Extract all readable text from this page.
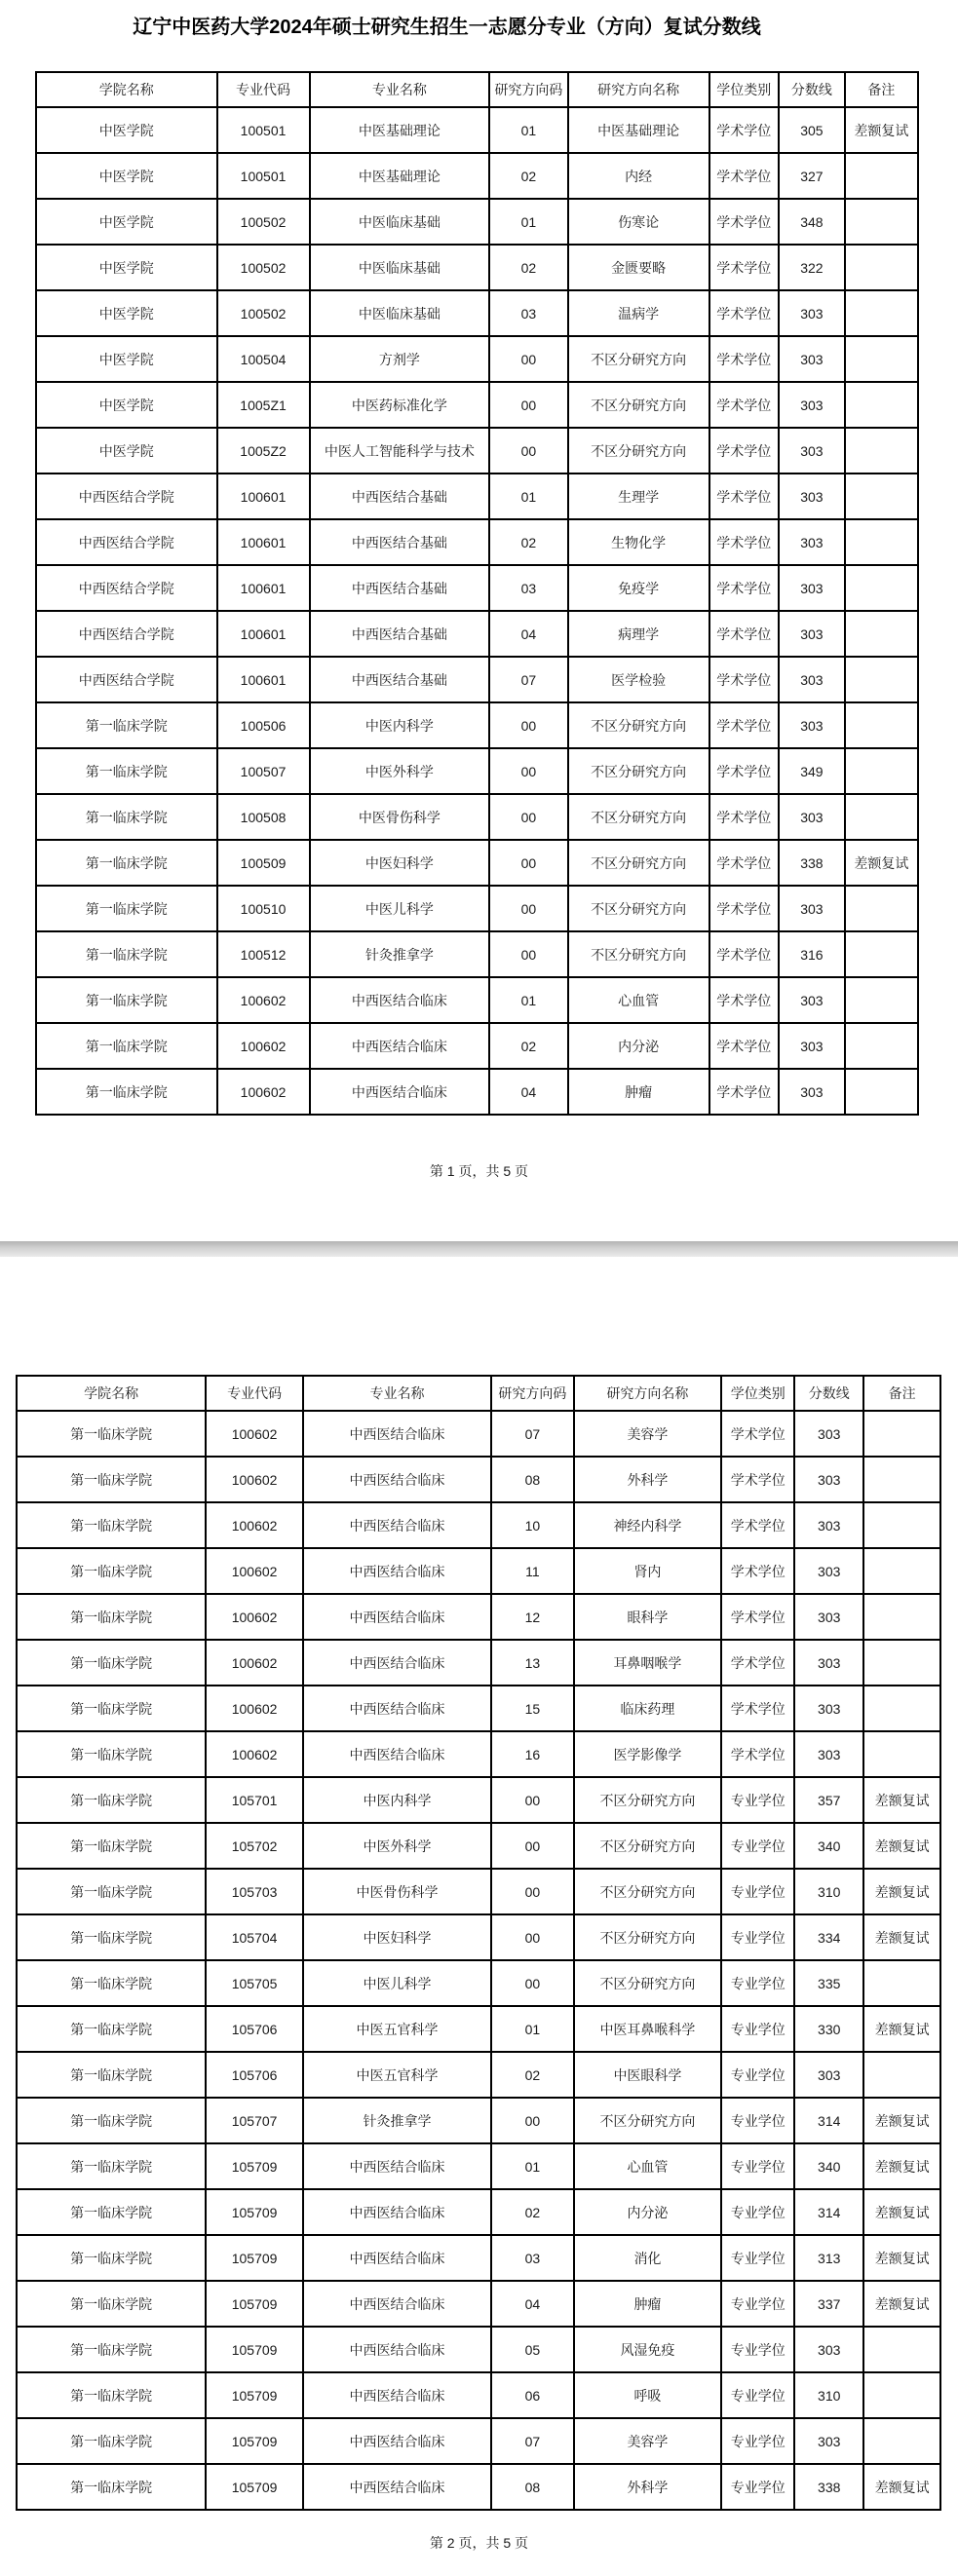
辽宁中医药大学2024年硕士研究生招生一志愿分专业（方向）复试分数线
学院名称	专业代码	专业名称	研究方向码	研究方向名称	学位类别	分数线	备注
中医学院	100501	中医基础理论	01	中医基础理论	学术学位	305	差额复试
中医学院	100501	中医基础理论	02	内经	学术学位	327	
中医学院	100502	中医临床基础	01	伤寒论	学术学位	348	
中医学院	100502	中医临床基础	02	金匮要略	学术学位	322	
中医学院	100502	中医临床基础	03	温病学	学术学位	303	
中医学院	100504	方剂学	00	不区分研究方向	学术学位	303	
中医学院	1005Z1	中医药标准化学	00	不区分研究方向	学术学位	303	
中医学院	1005Z2	中医人工智能科学与技术	00	不区分研究方向	学术学位	303	
中西医结合学院	100601	中西医结合基础	01	生理学	学术学位	303	
中西医结合学院	100601	中西医结合基础	02	生物化学	学术学位	303	
中西医结合学院	100601	中西医结合基础	03	免疫学	学术学位	303	
中西医结合学院	100601	中西医结合基础	04	病理学	学术学位	303	
中西医结合学院	100601	中西医结合基础	07	医学检验	学术学位	303	
第一临床学院	100506	中医内科学	00	不区分研究方向	学术学位	303	
第一临床学院	100507	中医外科学	00	不区分研究方向	学术学位	349	
第一临床学院	100508	中医骨伤科学	00	不区分研究方向	学术学位	303	
第一临床学院	100509	中医妇科学	00	不区分研究方向	学术学位	338	差额复试
第一临床学院	100510	中医儿科学	00	不区分研究方向	学术学位	303	
第一临床学院	100512	针灸推拿学	00	不区分研究方向	学术学位	316	
第一临床学院	100602	中西医结合临床	01	心血管	学术学位	303	
第一临床学院	100602	中西医结合临床	02	内分泌	学术学位	303	
第一临床学院	100602	中西医结合临床	04	肿瘤	学术学位	303	
第 1 页，共 5 页
学院名称	专业代码	专业名称	研究方向码	研究方向名称	学位类别	分数线	备注
第一临床学院	100602	中西医结合临床	07	美容学	学术学位	303	
第一临床学院	100602	中西医结合临床	08	外科学	学术学位	303	
第一临床学院	100602	中西医结合临床	10	神经内科学	学术学位	303	
第一临床学院	100602	中西医结合临床	11	肾内	学术学位	303	
第一临床学院	100602	中西医结合临床	12	眼科学	学术学位	303	
第一临床学院	100602	中西医结合临床	13	耳鼻咽喉学	学术学位	303	
第一临床学院	100602	中西医结合临床	15	临床药理	学术学位	303	
第一临床学院	100602	中西医结合临床	16	医学影像学	学术学位	303	
第一临床学院	105701	中医内科学	00	不区分研究方向	专业学位	357	差额复试
第一临床学院	105702	中医外科学	00	不区分研究方向	专业学位	340	差额复试
第一临床学院	105703	中医骨伤科学	00	不区分研究方向	专业学位	310	差额复试
第一临床学院	105704	中医妇科学	00	不区分研究方向	专业学位	334	差额复试
第一临床学院	105705	中医儿科学	00	不区分研究方向	专业学位	335	
第一临床学院	105706	中医五官科学	01	中医耳鼻喉科学	专业学位	330	差额复试
第一临床学院	105706	中医五官科学	02	中医眼科学	专业学位	303	
第一临床学院	105707	针灸推拿学	00	不区分研究方向	专业学位	314	差额复试
第一临床学院	105709	中西医结合临床	01	心血管	专业学位	340	差额复试
第一临床学院	105709	中西医结合临床	02	内分泌	专业学位	314	差额复试
第一临床学院	105709	中西医结合临床	03	消化	专业学位	313	差额复试
第一临床学院	105709	中西医结合临床	04	肿瘤	专业学位	337	差额复试
第一临床学院	105709	中西医结合临床	05	风湿免疫	专业学位	303	
第一临床学院	105709	中西医结合临床	06	呼吸	专业学位	310	
第一临床学院	105709	中西医结合临床	07	美容学	专业学位	303	
第一临床学院	105709	中西医结合临床	08	外科学	专业学位	338	差额复试
第 2 页，共 5 页
